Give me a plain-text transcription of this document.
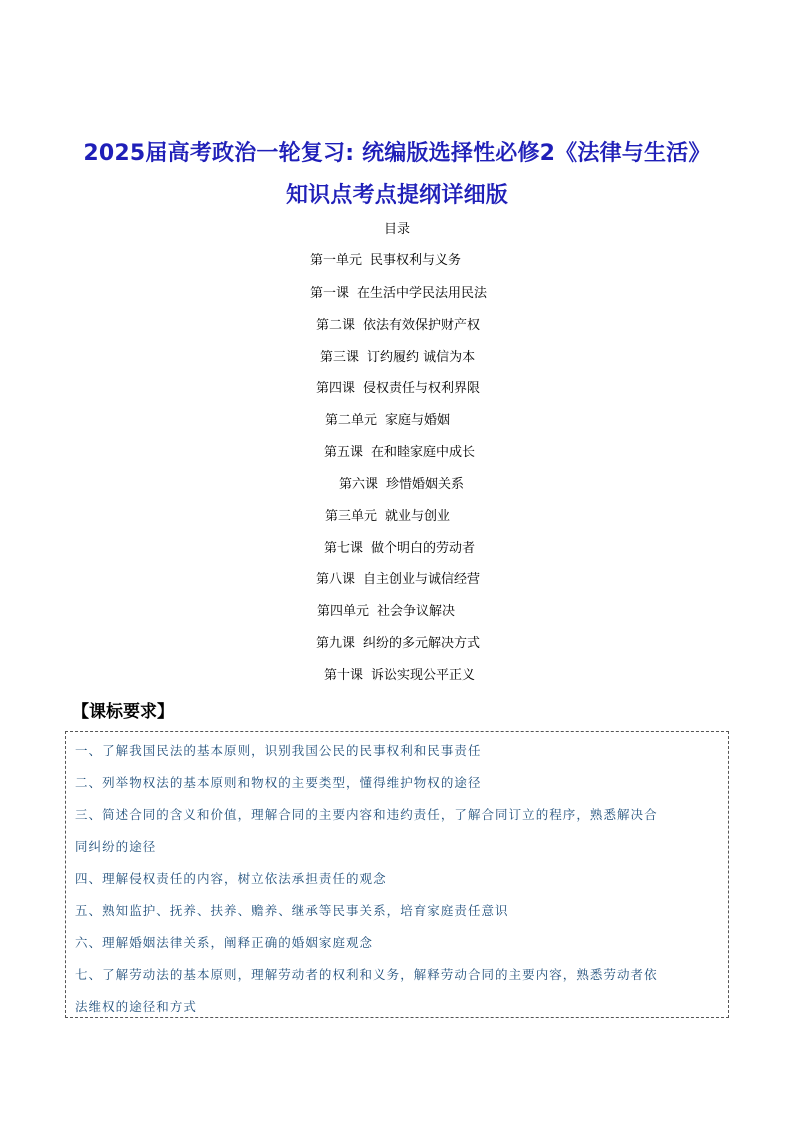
2025届高考政治一轮复习: 统编版选择性必修2《法律与生活》
知识点考点提纲详细版
目录
第一单元 民事权利与义务
第一课 在生活中学民法用民法
第二课 依法有效保护财产权
第三课 订约履约 诚信为本
第四课 侵权责任与权利界限
第二单元 家庭与婚姻
第五课 在和睦家庭中成长
第六课 珍惜婚姻关系
第三单元 就业与创业
第七课 做个明白的劳动者
第八课 自主创业与诚信经营
第四单元 社会争议解决
第九课 纠纷的多元解决方式
第十课 诉讼实现公平正义
【课标要求】
一、了解我国民法的基本原则，识别我国公民的民事权利和民事责任
二、列举物权法的基本原则和物权的主要类型，懂得维护物权的途径
三、简述合同的含义和价值，理解合同的主要内容和违约责任，了解合同订立的程序，熟悉解决合
同纠纷的途径
四、理解侵权责任的内容，树立依法承担责任的观念
五、熟知监护、抚养、扶养、赡养、继承等民事关系，培育家庭责任意识
六、理解婚姻法律关系，阐释正确的婚姻家庭观念
七、了解劳动法的基本原则，理解劳动者的权利和义务，解释劳动合同的主要内容，熟悉劳动者依
法维权的途径和方式
